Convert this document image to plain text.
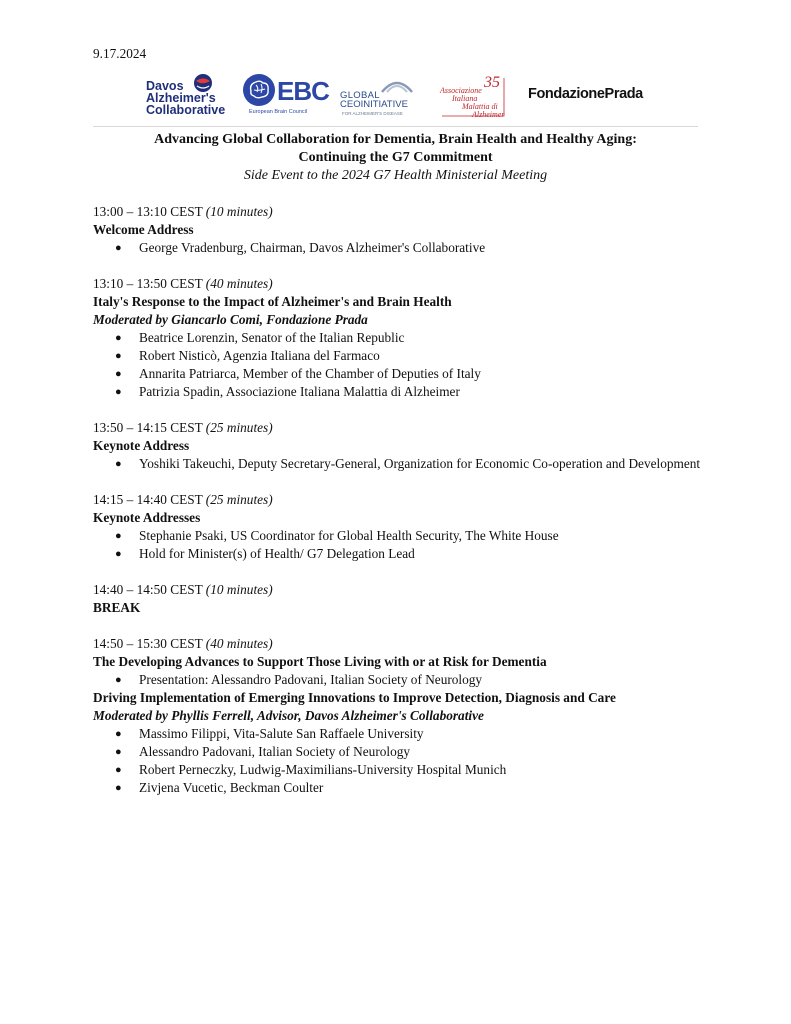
9.17.2024
Davos
Alzheimer's
Collaborative
EBC
European Brain Council
GLOBAL
CEOINITIATIVE
FOR ALZHEIMER'S DISEASE
Associazione
Italiana
Malattia di
Alzheimer
35
FondazionePrada
Advancing Global Collaboration for Dementia, Brain Health and Healthy Aging:
Continuing the G7 Commitment
Side Event to the 2024 G7 Health Ministerial Meeting
13:00 – 13:10 CEST (10 minutes)
Welcome Address
● George Vradenburg, Chairman, Davos Alzheimer's Collaborative
13:10 – 13:50 CEST (40 minutes)
Italy's Response to the Impact of Alzheimer's and Brain Health
Moderated by Giancarlo Comi, Fondazione Prada
● Beatrice Lorenzin, Senator of the Italian Republic
● Robert Nisticò, Agenzia Italiana del Farmaco
● Annarita Patriarca, Member of the Chamber of Deputies of Italy
● Patrizia Spadin, Associazione Italiana Malattia di Alzheimer
13:50 – 14:15 CEST (25 minutes)
Keynote Address
● Yoshiki Takeuchi, Deputy Secretary-General, Organization for Economic Co-operation and Development
14:15 – 14:40 CEST (25 minutes)
Keynote Addresses
● Stephanie Psaki, US Coordinator for Global Health Security, The White House
● Hold for Minister(s) of Health/ G7 Delegation Lead
14:40 – 14:50 CEST (10 minutes)
BREAK
14:50 – 15:30 CEST (40 minutes)
The Developing Advances to Support Those Living with or at Risk for Dementia
● Presentation: Alessandro Padovani, Italian Society of Neurology
Driving Implementation of Emerging Innovations to Improve Detection, Diagnosis and Care
Moderated by Phyllis Ferrell, Advisor, Davos Alzheimer's Collaborative
● Massimo Filippi, Vita-Salute San Raffaele University
● Alessandro Padovani, Italian Society of Neurology
● Robert Perneczky, Ludwig-Maximilians-University Hospital Munich
● Zivjena Vucetic, Beckman Coulter
